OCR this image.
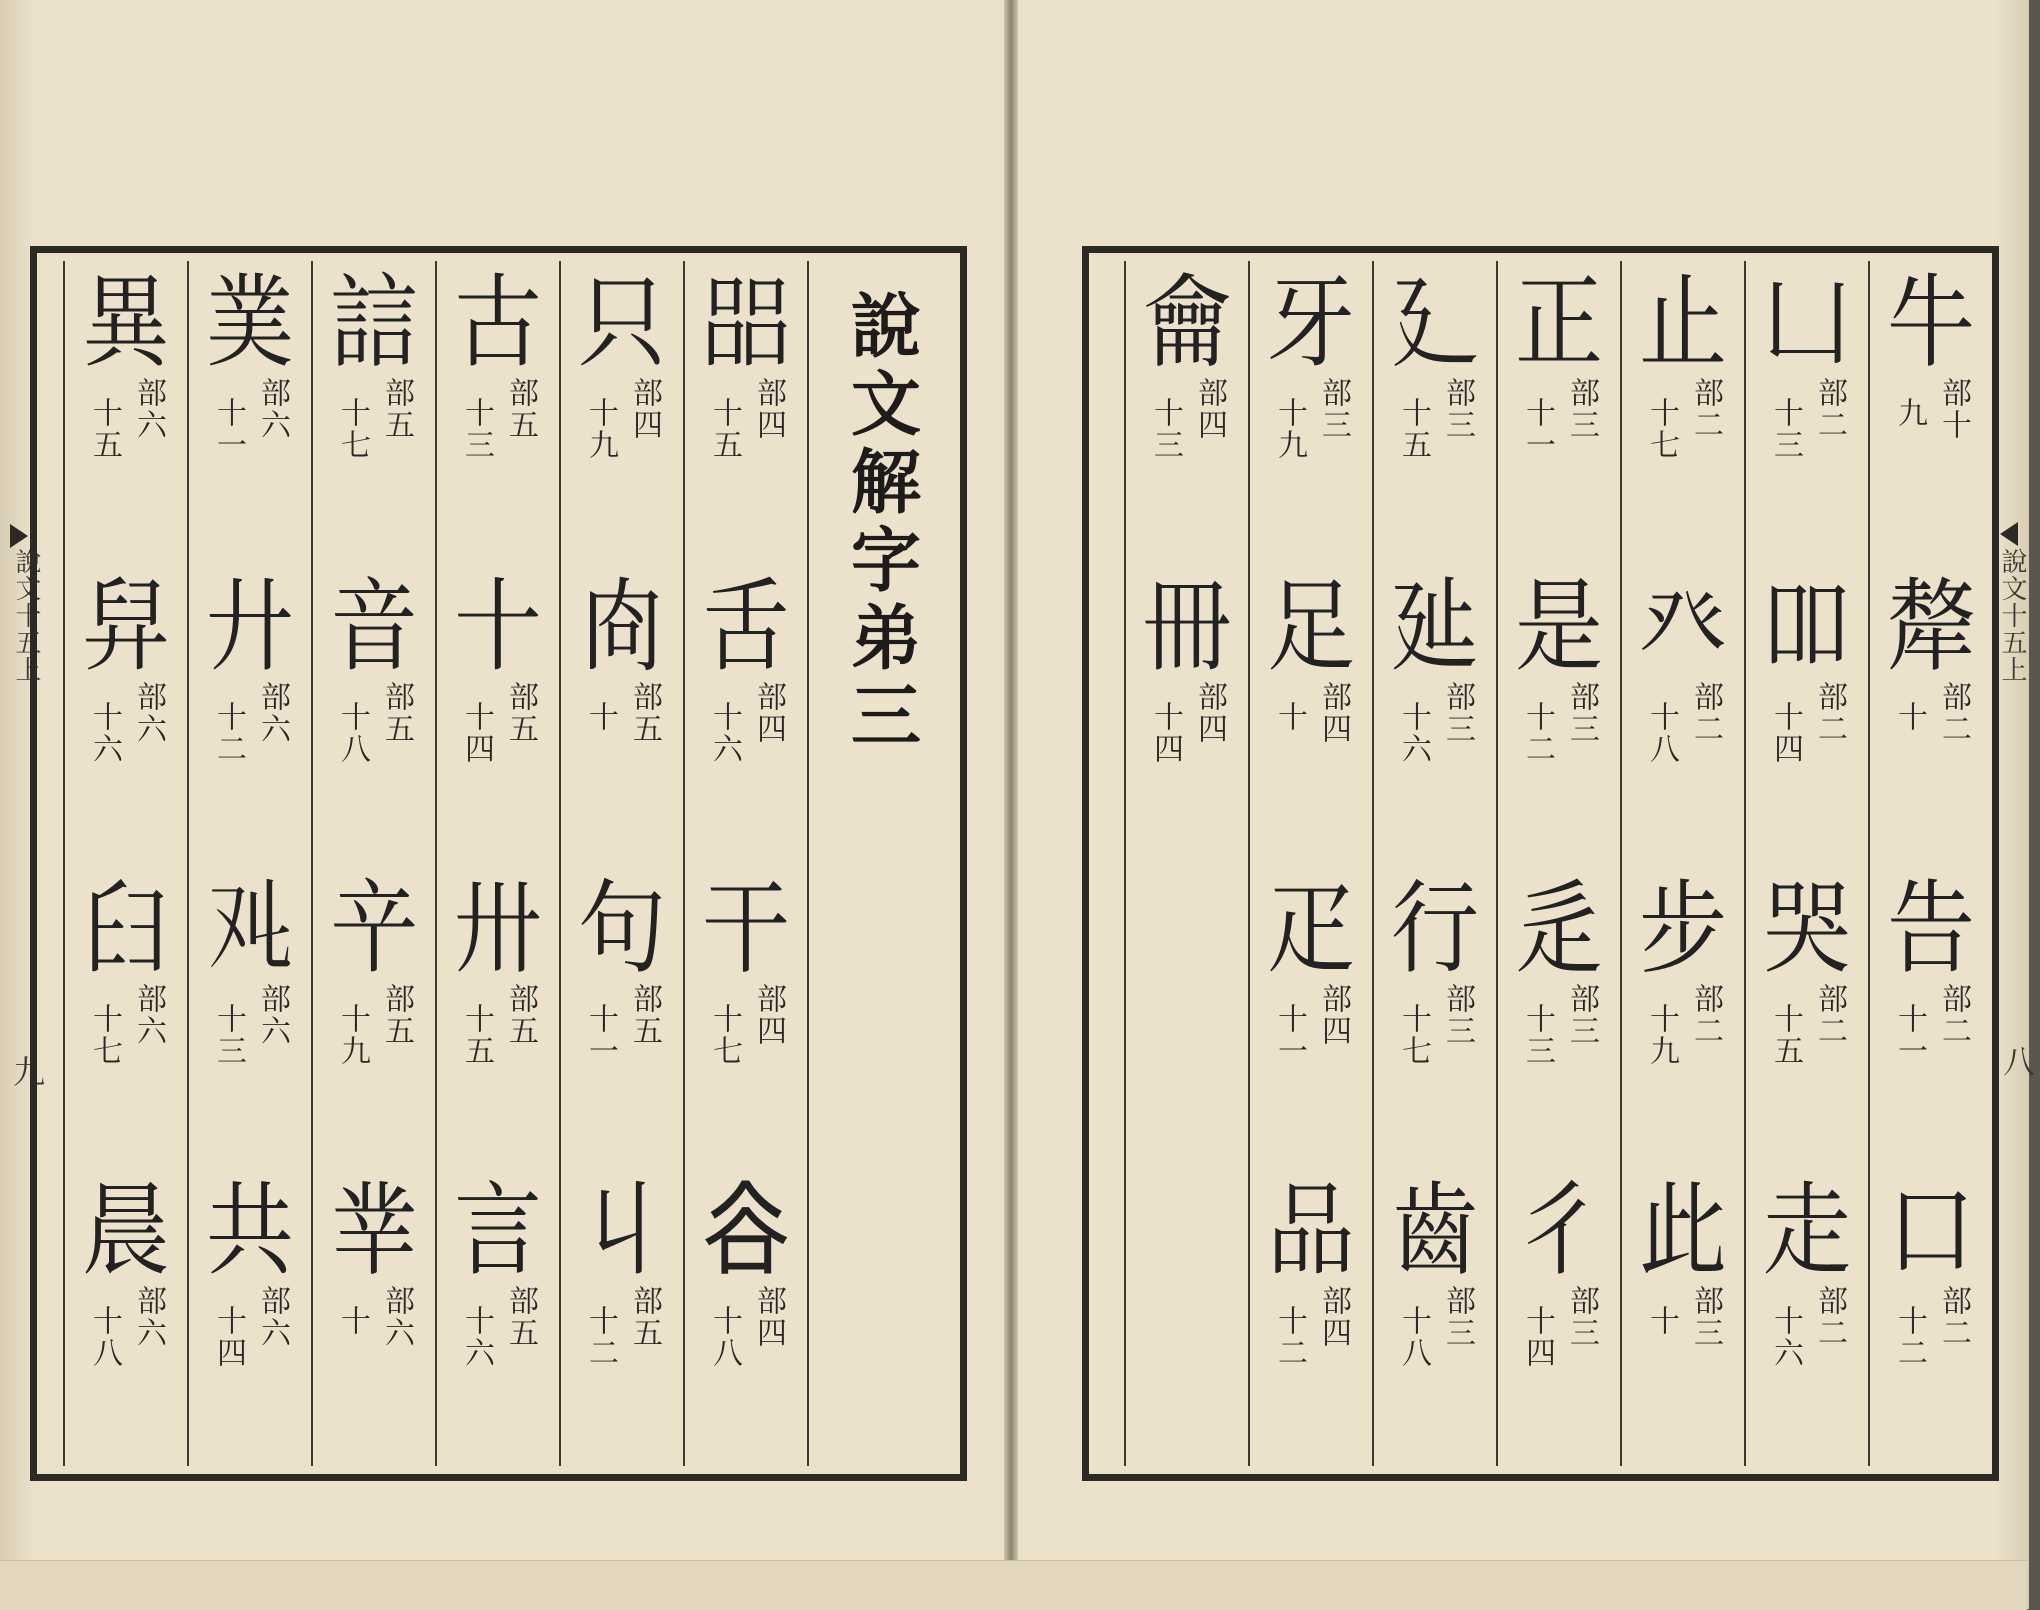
說文十五上
九
說文十五上
八
說文解字弟三
㗊
部四
十五
舌
部四
十六
干
部四
十七
𧮫
部四
十八
只
部四
十九
㕯
部五
十
句
部五
十一
丩
部五
十二
古
部五
十三
十
部五
十四
卅
部五
十五
言
部五
十六
誩
部五
十七
音
部五
十八
䇂
部五
十九
丵
部六
十
菐
部六
十一
廾
部六
十二
𠬜
部六
十三
共
部六
十四
異
部六
十五
舁
部六
十六
𦥑
部六
十七
晨
部六
十八
牛
部十
九
犛
部二
十
告
部二
十一
口
部二
十二
凵
部二
十三
吅
部二
十四
哭
部二
十五
走
部二
十六
止
部二
十七
癶
部二
十八
步
部二
十九
此
部三
十
正
部三
十一
是
部三
十二
辵
部三
十三
彳
部三
十四
廴
部三
十五
㢟
部三
十六
行
部三
十七
齒
部三
十八
牙
部三
十九
足
部四
十
疋
部四
十一
品
部四
十二
龠
部四
十三
冊
部四
十四
